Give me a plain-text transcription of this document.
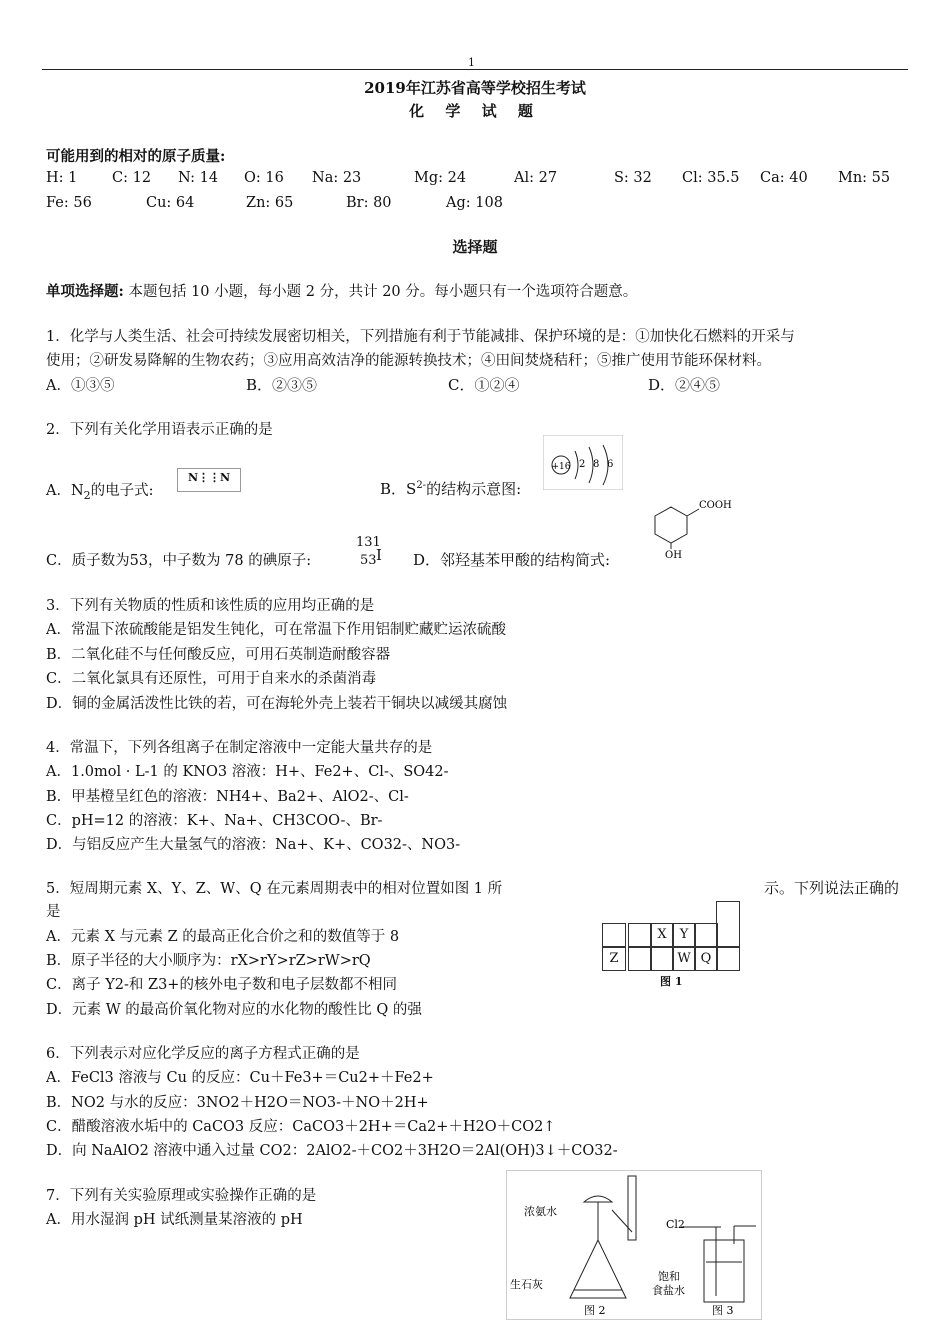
1
2019年江苏省高等学校招生考试
化 学 试 题
可能用到的相对的原子质量:
H: 1 C: 12 N: 14 O: 16 Na: 23	Mg: 24	Al: 27	S: 32 Cl: 35.5 Ca: 40 Mn: 55
Fe: 56	Cu: 64	Zn: 65	Br: 80	Ag: 108
选择题
单项选择题: 本题包括 10 小题，每小题 2 分，共计 20 分。每小题只有一个选项符合题意。
1．化学与人类生活、社会可持续发展密切相关，下列措施有利于节能减排、保护环境的是：①加快化石燃料的开采与
使用；②研发易降解的生物农药；③应用高效洁净的能源转换技术；④田间焚烧秸秆；⑤推广使用节能环保材料。
A．①③⑤	B．②③⑤	C．①②④	D．②④⑤
2．下列有关化学用语表示正确的是
A．$N_2$的电子式:
N⋮⋮N
B．$S^{2-}$的结构示意图:
+16 2 8 6
C．质子数为53，中子数为 78 的碘原子:
131
53 I D．邻羟基苯甲酸的结构简式:
COOH
OH
3．下列有关物质的性质和该性质的应用均正确的是
A．常温下浓硫酸能是铝发生钝化，可在常温下作用铝制贮藏贮运浓硫酸
B．二氧化硅不与任何酸反应，可用石英制造耐酸容器
C．二氧化氯具有还原性，可用于自来水的杀菌消毒
D．铜的金属活泼性比铁的若，可在海轮外壳上装若干铜块以减缓其腐蚀
4．常温下，下列各组离子在制定溶液中一定能大量共存的是
A．1.0mol · L-1 的 KNO3 溶液：H+、Fe2+、Cl-、SO42-
B．甲基橙呈红色的溶液：NH4+、Ba2+、AlO2-、Cl-
C．pH=12 的溶液：K+、Na+、CH3COO-、Br-
D．与铝反应产生大量氢气的溶液：Na+、K+、CO32-、NO3-
5．短周期元素 X、Y、Z、W、Q 在元素周期表中的相对位置如图 1 所	示。下列说法正确的
是
A．元素 X 与元素 Z 的最高正化合价之和的数值等于 8
B．原子半径的大小顺序为：rX>rY>rZ>rW>rQ
C．离子 Y2-和 Z3+的核外电子数和电子层数都不相同
D．元素 W 的最高价氧化物对应的水化物的酸性比 Q 的强
X	Y
Z	W Q
图 1
6．下列表示对应化学反应的离子方程式正确的是
A．FeCl3 溶液与 Cu 的反应：Cu＋Fe3+＝Cu2+＋Fe2+
B．NO2 与水的反应：3NO2＋H2O＝NO3-＋NO＋2H+
C．醋酸溶液水垢中的 CaCO3 反应：CaCO3＋2H+＝Ca2+＋H2O＋CO2↑
D．向 NaAlO2 溶液中通入过量 CO2：2AlO2-＋CO2＋3H2O＝2Al(OH)3↓＋CO32-
7．下列有关实验原理或实验操作正确的是
A．用水湿润 pH 试纸测量某溶液的 pH
浓氨水
生石灰
图 2
Cl2
饱和
食盐水
图 3
